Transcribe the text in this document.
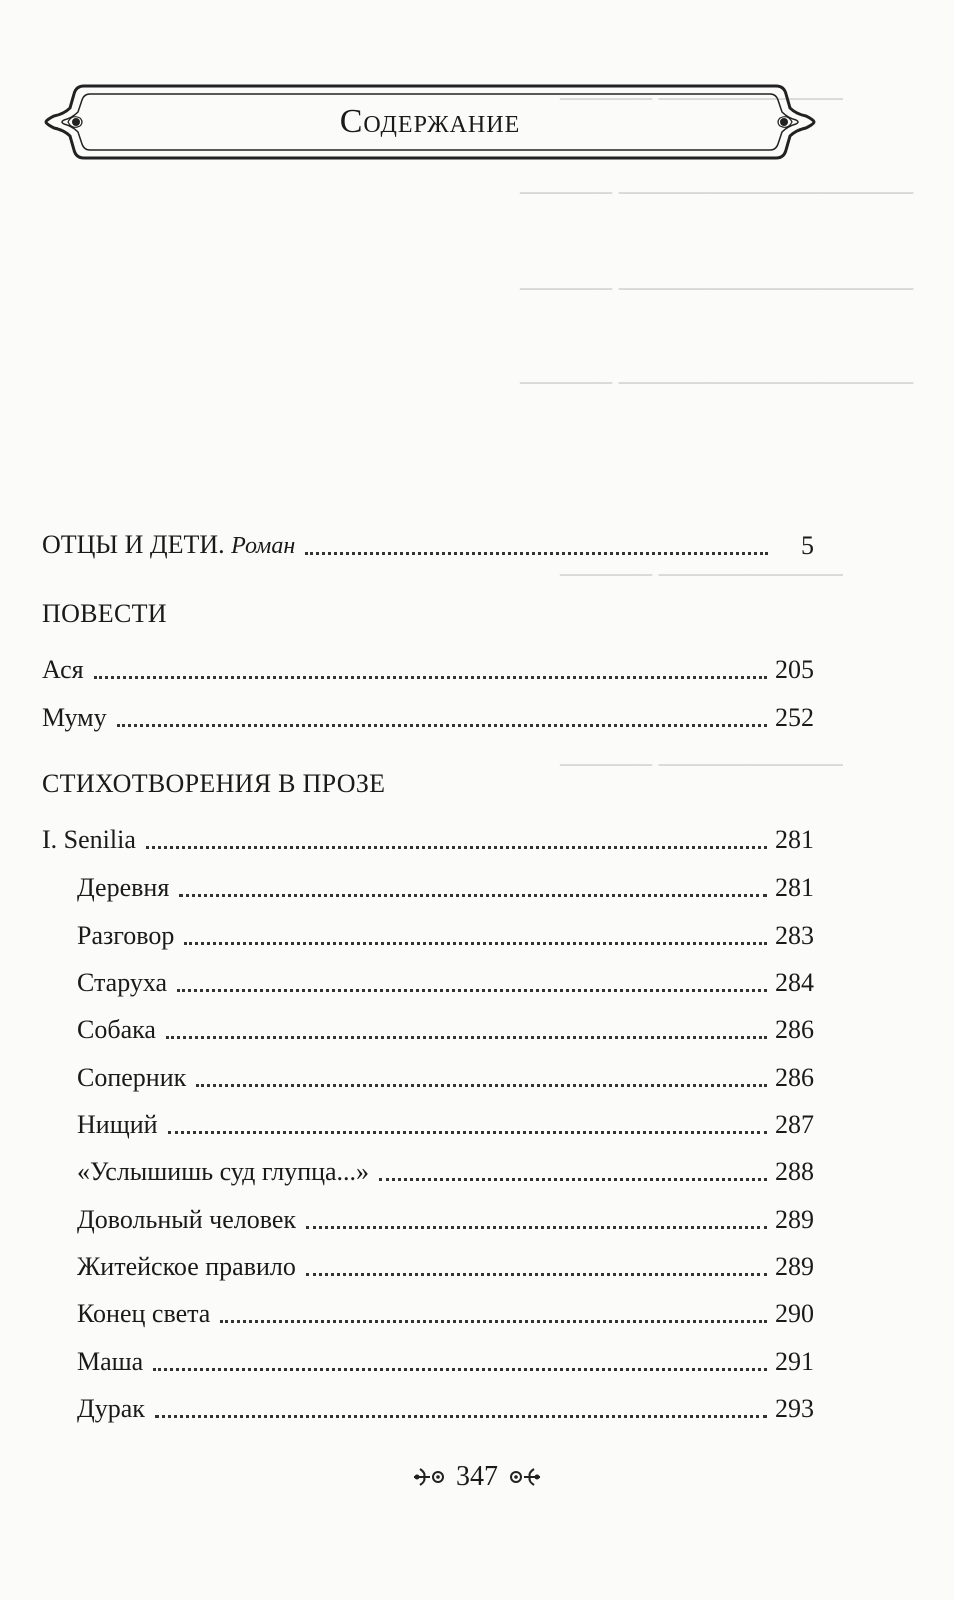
────────── ─────
──────────────── ─────
──────────────── ─────
──────────────── ─────
────────── ─────
────────── ─────
Содержание
ОТЦЫ И ДЕТИ. Роман	5
ПОВЕСТИ
Ася	205
Муму	252
СТИХОТВОРЕНИЯ В ПРОЗЕ
I. Senilia	281
Деревня	281
Разговор	283
Старуха	284
Собака	286
Соперник	286
Нищий	287
«Услышишь суд глупца...»	288
Довольный человек	289
Житейское правило	289
Конец света	290
Маша	291
Дурак	293
347
